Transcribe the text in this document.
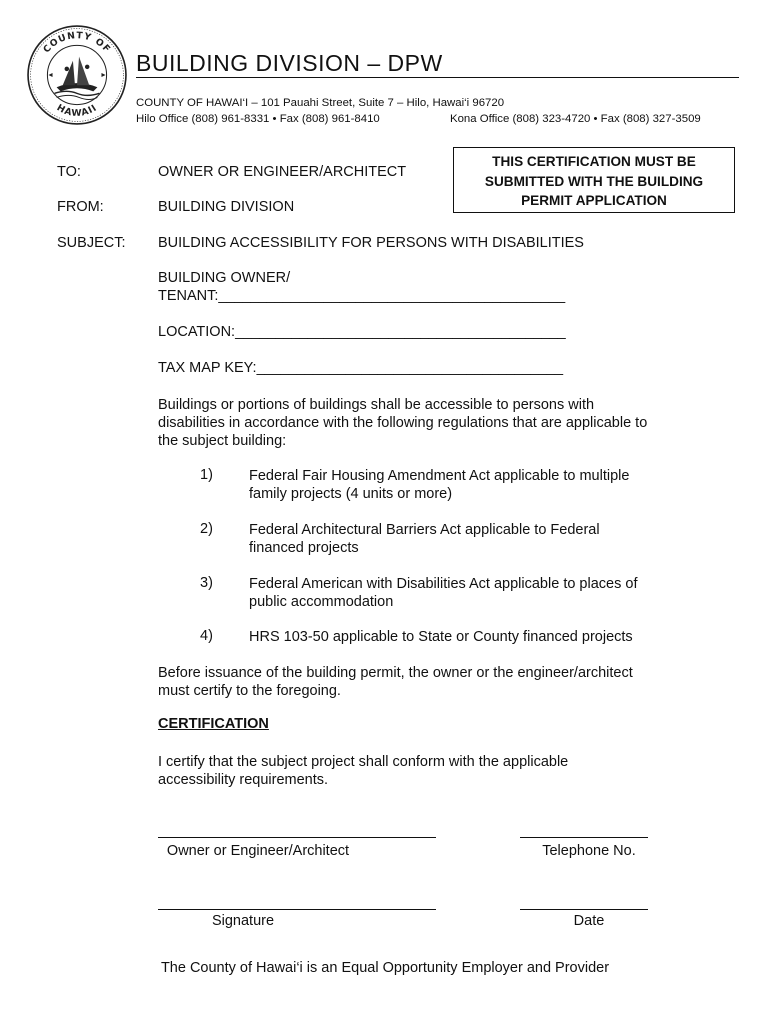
COUNTY OF
HAWAII
BUILDING DIVISION – DPW
COUNTY OF HAWAI‘I – 101 Pauahi Street, Suite 7 – Hilo, Hawai‘i 96720
Hilo Office (808) 961-8331 • Fax (808) 961-8410	Kona Office (808) 323-4720 • Fax (808) 327-3509
TO:	OWNER OR ENGINEER/ARCHITECT
FROM:	BUILDING DIVISION
SUBJECT: BUILDING ACCESSIBILITY FOR PERSONS WITH DISABILITIES
THIS CERTIFICATION MUST BE
SUBMITTED WITH THE BUILDING
PERMIT APPLICATION
BUILDING OWNER/
TENANT:___________________________________________
LOCATION:_________________________________________
TAX MAP KEY:______________________________________
Buildings or portions of buildings shall be accessible to persons with disabilities in accordance with the following regulations that are applicable to the subject building:
1) Federal Fair Housing Amendment Act applicable to multiple family projects (4 units or more)
2) Federal Architectural Barriers Act applicable to Federal financed projects
3) Federal American with Disabilities Act applicable to places of public accommodation
4) HRS 103-50 applicable to State or County financed projects
Before issuance of the building permit, the owner or the engineer/architect must certify to the foregoing.
CERTIFICATION
I certify that the subject project shall conform with the applicable accessibility requirements.
Owner or Engineer/Architect	Telephone No.
Signature	Date
The County of Hawai‘i is an Equal Opportunity Employer and Provider
